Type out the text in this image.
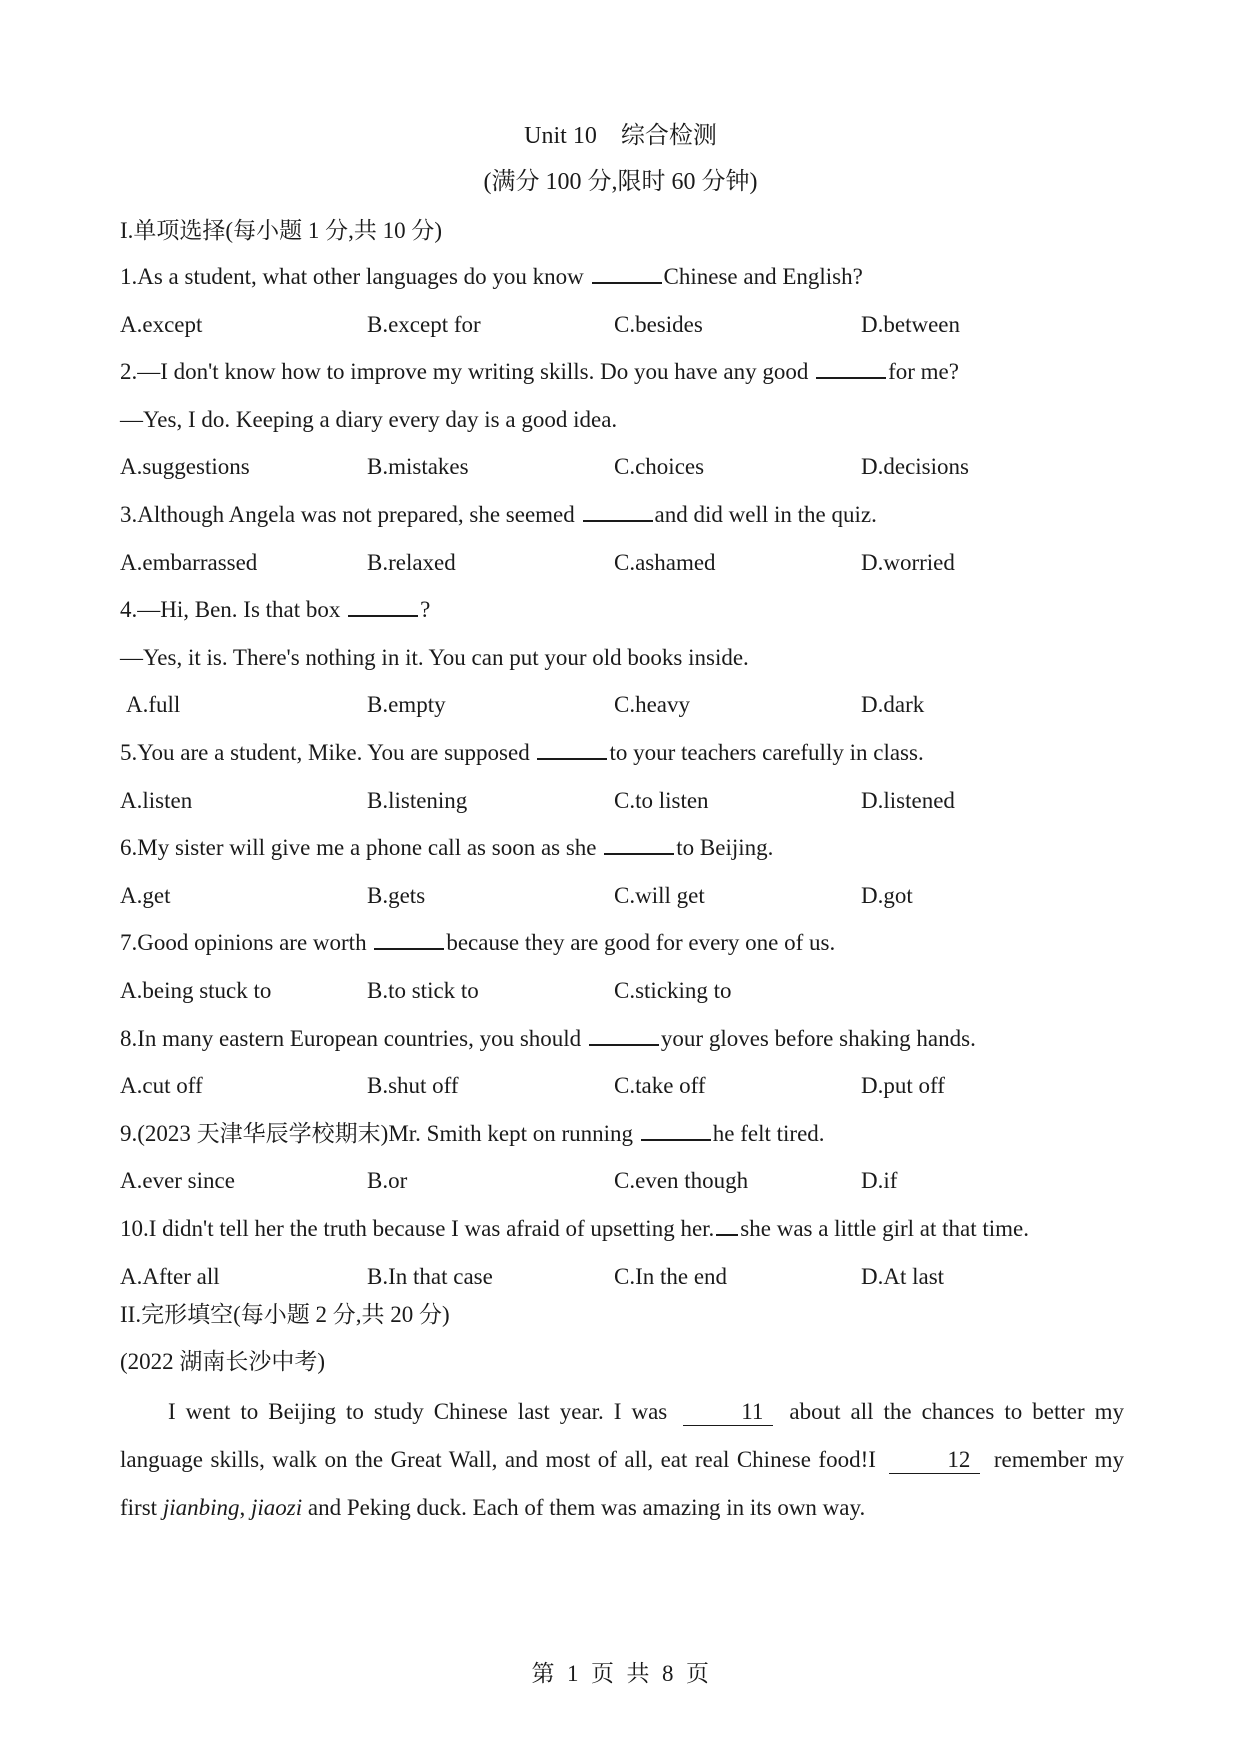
Unit 10　综合检测
(满分 100 分,限时 60 分钟)
I.单项选择(每小题 1 分,共 10 分)
1.As a student, what other languages do you know	Chinese and English?
A.except	B.except for	C.besides	D.between
2.—I don't know how to improve my writing skills. Do you have any good	for me?
—Yes, I do. Keeping a diary every day is a good idea.
A.suggestions	B.mistakes	C.choices	D.decisions
3.Although Angela was not prepared, she seemed	and did well in the quiz.
A.embarrassed	B.relaxed	C.ashamed	D.worried
4.—Hi, Ben. Is that box	?
—Yes, it is. There's nothing in it. You can put your old books inside.
A.full	B.empty	C.heavy	D.dark
5.You are a student, Mike. You are supposed	to your teachers carefully in class.
A.listen	B.listening	C.to listen	D.listened
6.My sister will give me a phone call as soon as she	to Beijing.
A.get	B.gets	C.will get	D.got
7.Good opinions are worth	because they are good for every one of us.
A.being stuck to	B.to stick to	C.sticking to
8.In many eastern European countries, you should	your gloves before shaking hands.
A.cut off	B.shut off	C.take off	D.put off
9.(2023 天津华辰学校期末)Mr. Smith kept on running	he felt tired.
A.ever since	B.or	C.even though	D.if
10.I didn't tell her the truth because I was afraid of upsetting her. she was a little girl at that time.
A.After all	B.In that case	C.In the end	D.At last
II.完形填空(每小题 2 分,共 20 分)
(2022 湖南长沙中考)
I went to Beijing to study Chinese last year. I was	11 about all the chances to better my language skills, walk on the Great Wall, and most of all, eat real Chinese food!I	12 remember my first jianbing, jiaozi and Peking duck. Each of them was amazing in its own way.
第 1 页 共 8 页
